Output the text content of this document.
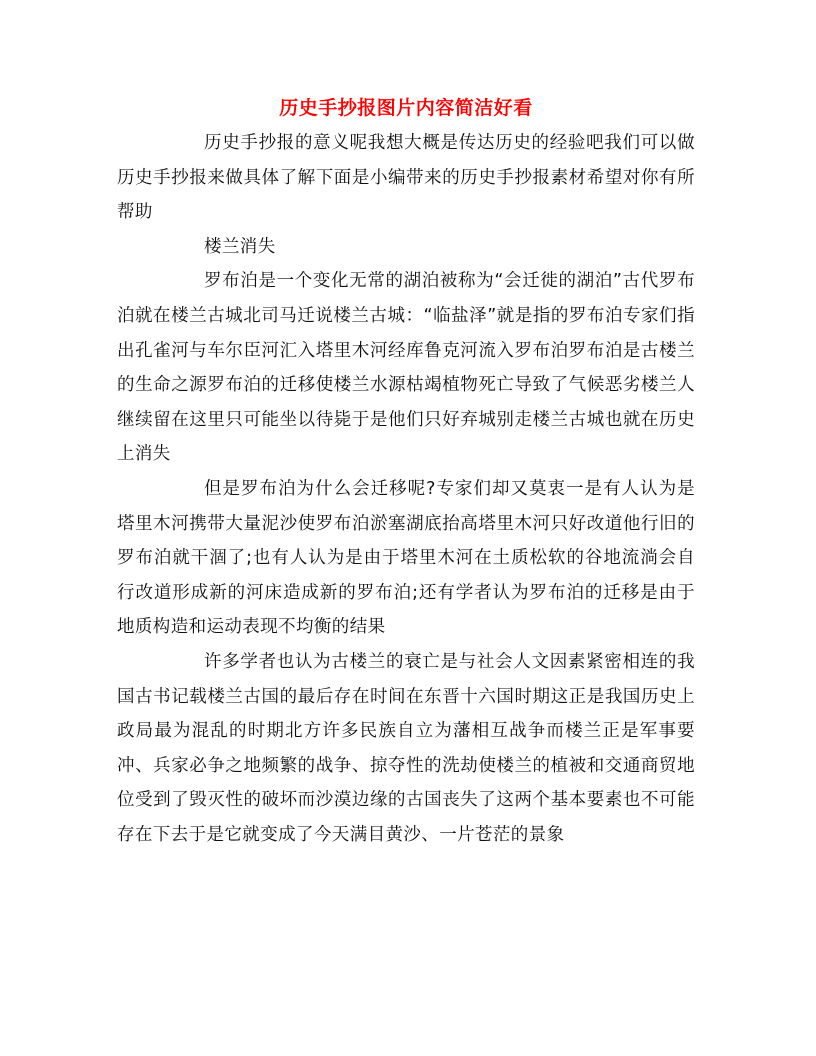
历史手抄报图片内容简洁好看

历史手抄报的意义呢我想大概是传达历史的经验吧我们可以做历史手抄报来做具体了解下面是小编带来的历史手抄报素材希望对你有所帮助

楼兰消失

罗布泊是一个变化无常的湖泊被称为“会迁徙的湖泊”古代罗布泊就在楼兰古城北司马迁说楼兰古城：“临盐泽”就是指的罗布泊专家们指出孔雀河与车尔臣河汇入塔里木河经库鲁克河流入罗布泊罗布泊是古楼兰的生命之源罗布泊的迁移使楼兰水源枯竭植物死亡导致了气候恶劣楼兰人继续留在这里只可能坐以待毙于是他们只好弃城别走楼兰古城也就在历史上消失

但是罗布泊为什么会迁移呢?专家们却又莫衷一是有人认为是塔里木河携带大量泥沙使罗布泊淤塞湖底抬高塔里木河只好改道他行旧的罗布泊就干涸了;也有人认为是由于塔里木河在土质松软的谷地流淌会自行改道形成新的河床造成新的罗布泊;还有学者认为罗布泊的迁移是由于地质构造和运动表现不均衡的结果

许多学者也认为古楼兰的衰亡是与社会人文因素紧密相连的我国古书记载楼兰古国的最后存在时间在东晋十六国时期这正是我国历史上政局最为混乱的时期北方许多民族自立为藩相互战争而楼兰正是军事要冲、兵家必争之地频繁的战争、掠夺性的洗劫使楼兰的植被和交通商贸地位受到了毁灭性的破坏而沙漠边缘的古国丧失了这两个基本要素也不可能存在下去于是它就变成了今天满目黄沙、一片苍茫的景象
